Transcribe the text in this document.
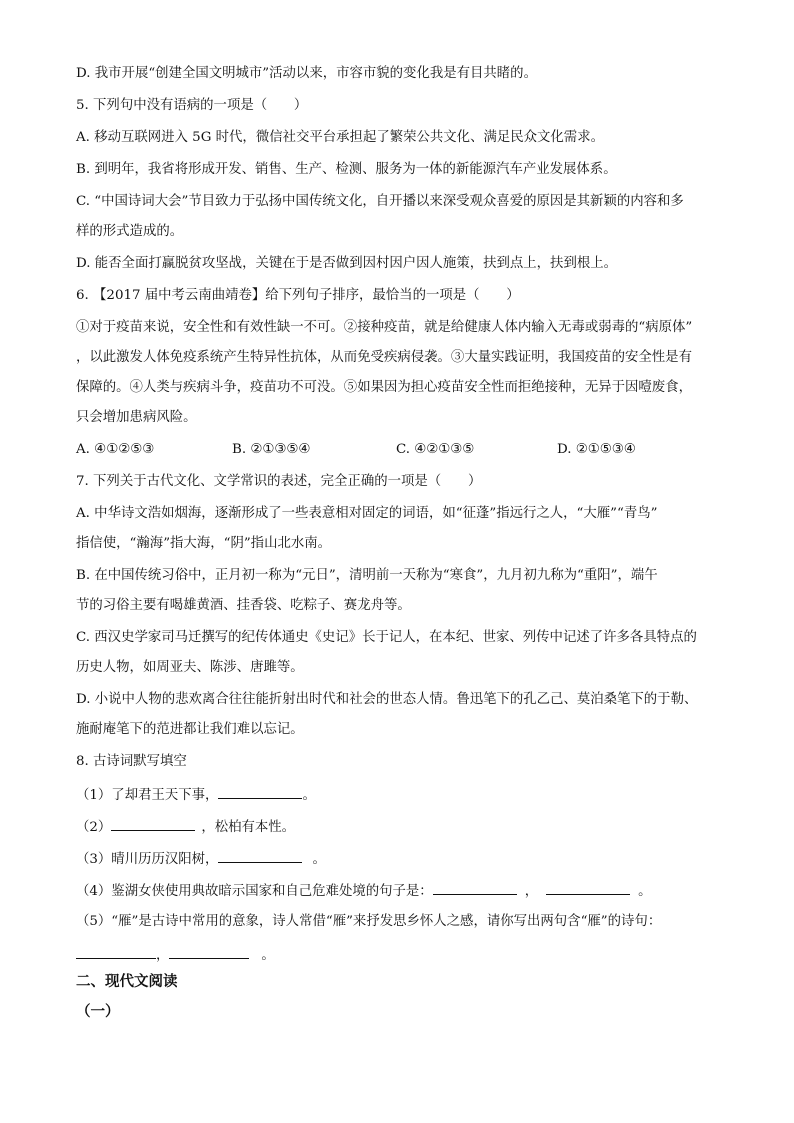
D. 我市开展“创建全国文明城市”活动以来，市容市貌的变化我是有目共睹的。
5. 下列句中没有语病的一项是（　　）
A. 移动互联网进入 5G 时代，微信社交平台承担起了繁荣公共文化、满足民众文化需求。
B. 到明年，我省将形成开发、销售、生产、检测、服务为一体的新能源汽车产业发展体系。
C. “中国诗词大会”节目致力于弘扬中国传统文化，自开播以来深受观众喜爱的原因是其新颖的内容和多
样的形式造成的。
D. 能否全面打赢脱贫攻坚战，关键在于是否做到因村因户因人施策，扶到点上，扶到根上。
6. 【2017 届中考云南曲靖卷】给下列句子排序，最恰当的一项是（　　）
①对于疫苗来说，安全性和有效性缺一不可。②接种疫苗，就是给健康人体内输入无毒或弱毒的“病原体”
，以此激发人体免疫系统产生特异性抗体，从而免受疾病侵袭。③大量实践证明，我国疫苗的安全性是有
保障的。④人类与疾病斗争，疫苗功不可没。⑤如果因为担心疫苗安全性而拒绝接种，无异于因噎废食，
只会增加患病风险。
A. ④①②⑤③	B. ②①③⑤④	C. ④②①③⑤	D. ②①⑤③④
7. 下列关于古代文化、文学常识的表述，完全正确的一项是（　　）
A. 中华诗文浩如烟海，逐渐形成了一些表意相对固定的词语，如“征蓬”指远行之人，“大雁”“青鸟”
指信使，“瀚海”指大海，“阴”指山北水南。
B. 在中国传统习俗中，正月初一称为“元日”，清明前一天称为“寒食”，九月初九称为“重阳”，端午
节的习俗主要有喝雄黄酒、挂香袋、吃粽子、赛龙舟等。
C. 西汉史学家司马迁撰写的纪传体通史《史记》长于记人，在本纪、世家、列传中记述了许多各具特点的
历史人物，如周亚夫、陈涉、唐雎等。
D. 小说中人物的悲欢离合往往能折射出时代和社会的世态人情。鲁迅笔下的孔乙己、莫泊桑笔下的于勒、
施耐庵笔下的范进都让我们难以忘记。
8. 古诗词默写填空
（1）了却君王天下事，	。
（2）	，松柏有本性。
（3）晴川历历汉阳树，	。
（4）鉴湖女侠使用典故暗示国家和自己危难处境的句子是：	，	。
（5）“雁”是古诗中常用的意象，诗人常借“雁”来抒发思乡怀人之感，请你写出两句含“雁”的诗句：
，	。
二、现代文阅读
（一）
